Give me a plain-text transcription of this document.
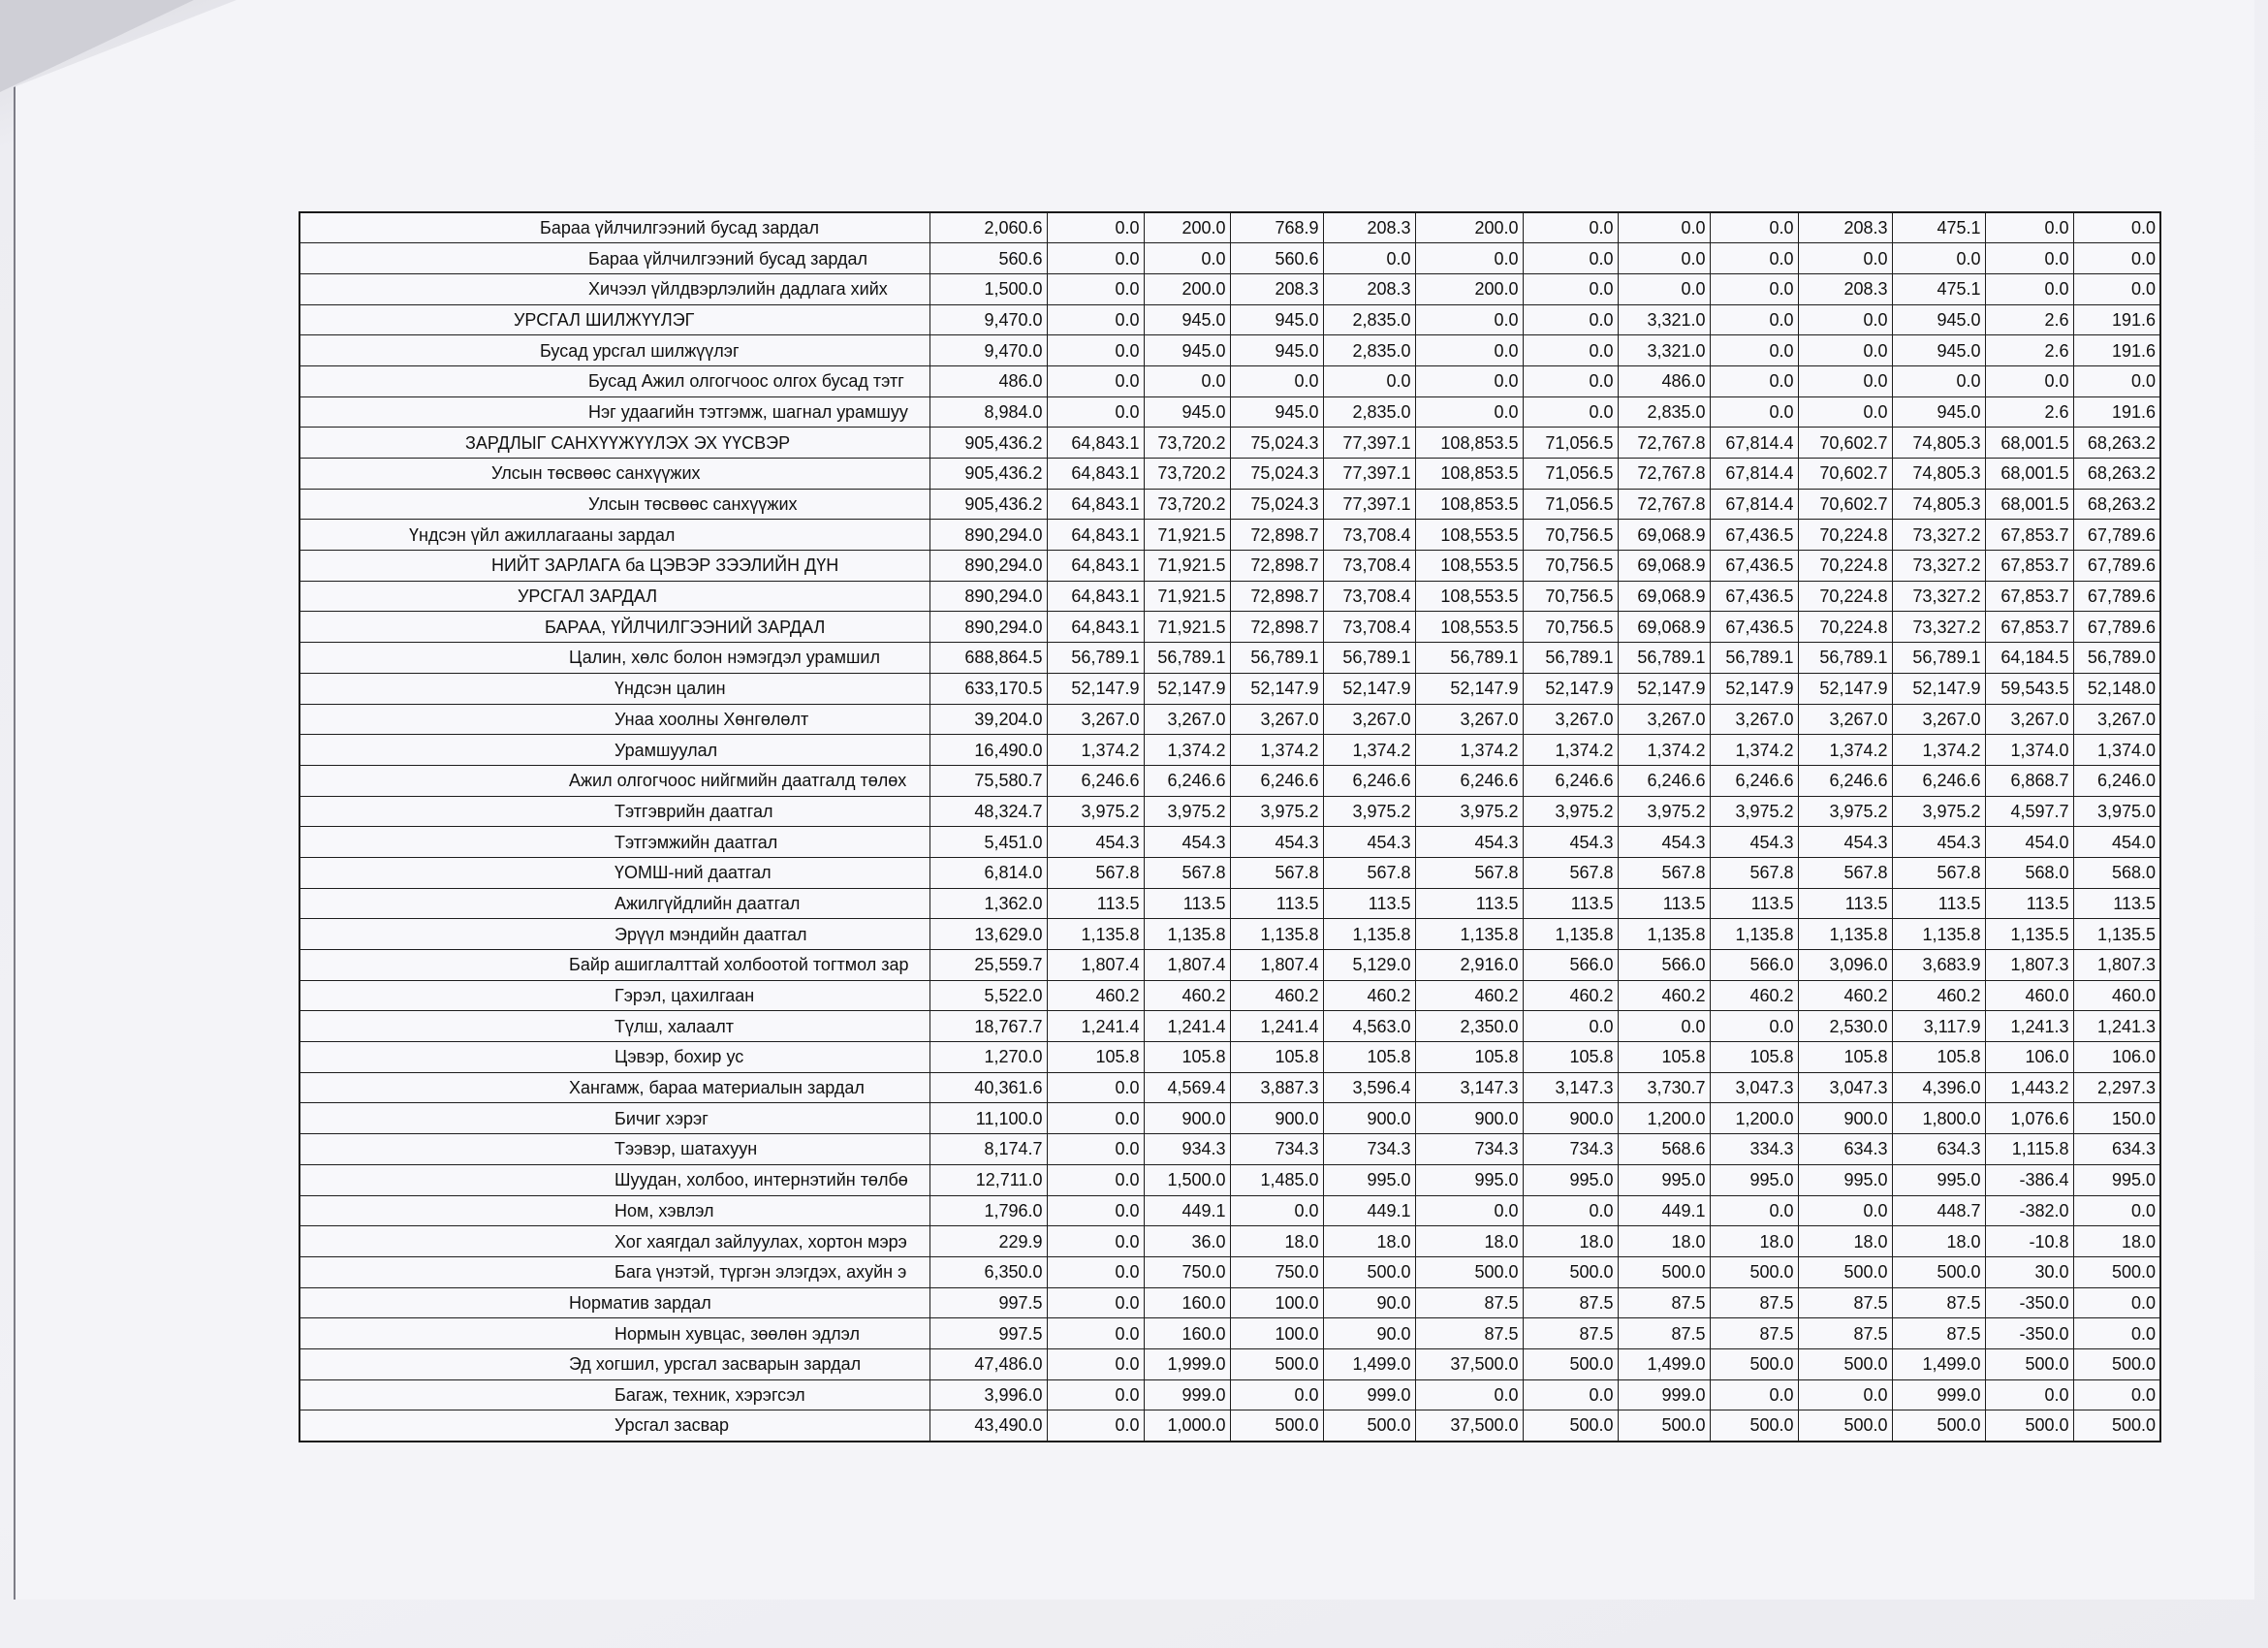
Бараа үйлчилгээний бусад зардал	2,060.6	0.0	200.0	768.9	208.3	200.0	0.0	0.0	0.0	208.3	475.1	0.0	0.0
Бараа үйлчилгээний бусад зардал	560.6	0.0	0.0	560.6	0.0	0.0	0.0	0.0	0.0	0.0	0.0	0.0	0.0
Хичээл үйлдвэрлэлийн дадлага хийх	1,500.0	0.0	200.0	208.3	208.3	200.0	0.0	0.0	0.0	208.3	475.1	0.0	0.0
УРСГАЛ ШИЛЖҮҮЛЭГ	9,470.0	0.0	945.0	945.0	2,835.0	0.0	0.0	3,321.0	0.0	0.0	945.0	2.6	191.6
Бусад урсгал шилжүүлэг	9,470.0	0.0	945.0	945.0	2,835.0	0.0	0.0	3,321.0	0.0	0.0	945.0	2.6	191.6
Бусад Ажил олгогчоос олгох бусад тэтг	486.0	0.0	0.0	0.0	0.0	0.0	0.0	486.0	0.0	0.0	0.0	0.0	0.0
Нэг удаагийн тэтгэмж, шагнал урамшуу	8,984.0	0.0	945.0	945.0	2,835.0	0.0	0.0	2,835.0	0.0	0.0	945.0	2.6	191.6
ЗАРДЛЫГ САНХҮҮЖҮҮЛЭХ ЭХ ҮҮСВЭР	905,436.2	64,843.1	73,720.2	75,024.3	77,397.1	108,853.5	71,056.5	72,767.8	67,814.4	70,602.7	74,805.3	68,001.5	68,263.2
Улсын төсвөөс санхүүжих	905,436.2	64,843.1	73,720.2	75,024.3	77,397.1	108,853.5	71,056.5	72,767.8	67,814.4	70,602.7	74,805.3	68,001.5	68,263.2
Улсын төсвөөс санхүүжих	905,436.2	64,843.1	73,720.2	75,024.3	77,397.1	108,853.5	71,056.5	72,767.8	67,814.4	70,602.7	74,805.3	68,001.5	68,263.2
Үндсэн үйл ажиллагааны зардал	890,294.0	64,843.1	71,921.5	72,898.7	73,708.4	108,553.5	70,756.5	69,068.9	67,436.5	70,224.8	73,327.2	67,853.7	67,789.6
НИЙТ ЗАРЛАГА ба ЦЭВЭР ЗЭЭЛИЙН ДҮН	890,294.0	64,843.1	71,921.5	72,898.7	73,708.4	108,553.5	70,756.5	69,068.9	67,436.5	70,224.8	73,327.2	67,853.7	67,789.6
УРСГАЛ ЗАРДАЛ	890,294.0	64,843.1	71,921.5	72,898.7	73,708.4	108,553.5	70,756.5	69,068.9	67,436.5	70,224.8	73,327.2	67,853.7	67,789.6
БАРАА, ҮЙЛЧИЛГЭЭНИЙ ЗАРДАЛ	890,294.0	64,843.1	71,921.5	72,898.7	73,708.4	108,553.5	70,756.5	69,068.9	67,436.5	70,224.8	73,327.2	67,853.7	67,789.6
Цалин, хөлс болон нэмэгдэл урамшил	688,864.5	56,789.1	56,789.1	56,789.1	56,789.1	56,789.1	56,789.1	56,789.1	56,789.1	56,789.1	56,789.1	64,184.5	56,789.0
Үндсэн цалин	633,170.5	52,147.9	52,147.9	52,147.9	52,147.9	52,147.9	52,147.9	52,147.9	52,147.9	52,147.9	52,147.9	59,543.5	52,148.0
Унаа хоолны Хөнгөлөлт	39,204.0	3,267.0	3,267.0	3,267.0	3,267.0	3,267.0	3,267.0	3,267.0	3,267.0	3,267.0	3,267.0	3,267.0	3,267.0
Урамшуулал	16,490.0	1,374.2	1,374.2	1,374.2	1,374.2	1,374.2	1,374.2	1,374.2	1,374.2	1,374.2	1,374.2	1,374.0	1,374.0
Ажил олгогчоос нийгмийн даатгалд төлөх	75,580.7	6,246.6	6,246.6	6,246.6	6,246.6	6,246.6	6,246.6	6,246.6	6,246.6	6,246.6	6,246.6	6,868.7	6,246.0
Тэтгэврийн даатгал	48,324.7	3,975.2	3,975.2	3,975.2	3,975.2	3,975.2	3,975.2	3,975.2	3,975.2	3,975.2	3,975.2	4,597.7	3,975.0
Тэтгэмжийн даатгал	5,451.0	454.3	454.3	454.3	454.3	454.3	454.3	454.3	454.3	454.3	454.3	454.0	454.0
ҮОМШ-ний даатгал	6,814.0	567.8	567.8	567.8	567.8	567.8	567.8	567.8	567.8	567.8	567.8	568.0	568.0
Ажилгүйдлийн даатгал	1,362.0	113.5	113.5	113.5	113.5	113.5	113.5	113.5	113.5	113.5	113.5	113.5	113.5
Эрүүл мэндийн даатгал	13,629.0	1,135.8	1,135.8	1,135.8	1,135.8	1,135.8	1,135.8	1,135.8	1,135.8	1,135.8	1,135.8	1,135.5	1,135.5
Байр ашиглалттай холбоотой тогтмол зар	25,559.7	1,807.4	1,807.4	1,807.4	5,129.0	2,916.0	566.0	566.0	566.0	3,096.0	3,683.9	1,807.3	1,807.3
Гэрэл, цахилгаан	5,522.0	460.2	460.2	460.2	460.2	460.2	460.2	460.2	460.2	460.2	460.2	460.0	460.0
Түлш, халаалт	18,767.7	1,241.4	1,241.4	1,241.4	4,563.0	2,350.0	0.0	0.0	0.0	2,530.0	3,117.9	1,241.3	1,241.3
Цэвэр, бохир ус	1,270.0	105.8	105.8	105.8	105.8	105.8	105.8	105.8	105.8	105.8	105.8	106.0	106.0
Хангамж, бараа материалын зардал	40,361.6	0.0	4,569.4	3,887.3	3,596.4	3,147.3	3,147.3	3,730.7	3,047.3	3,047.3	4,396.0	1,443.2	2,297.3
Бичиг хэрэг	11,100.0	0.0	900.0	900.0	900.0	900.0	900.0	1,200.0	1,200.0	900.0	1,800.0	1,076.6	150.0
Тээвэр, шатахуун	8,174.7	0.0	934.3	734.3	734.3	734.3	734.3	568.6	334.3	634.3	634.3	1,115.8	634.3
Шуудан, холбоо, интернэтийн төлбө	12,711.0	0.0	1,500.0	1,485.0	995.0	995.0	995.0	995.0	995.0	995.0	995.0	-386.4	995.0
Ном, хэвлэл	1,796.0	0.0	449.1	0.0	449.1	0.0	0.0	449.1	0.0	0.0	448.7	-382.0	0.0
Хог хаягдал зайлуулах, хортон мэрэ	229.9	0.0	36.0	18.0	18.0	18.0	18.0	18.0	18.0	18.0	18.0	-10.8	18.0
Бага үнэтэй, түргэн элэгдэх, ахуйн э	6,350.0	0.0	750.0	750.0	500.0	500.0	500.0	500.0	500.0	500.0	500.0	30.0	500.0
Норматив зардал	997.5	0.0	160.0	100.0	90.0	87.5	87.5	87.5	87.5	87.5	87.5	-350.0	0.0
Нормын хувцас, зөөлөн эдлэл	997.5	0.0	160.0	100.0	90.0	87.5	87.5	87.5	87.5	87.5	87.5	-350.0	0.0
Эд хогшил, урсгал засварын зардал	47,486.0	0.0	1,999.0	500.0	1,499.0	37,500.0	500.0	1,499.0	500.0	500.0	1,499.0	500.0	500.0
Багаж, техник, хэрэгсэл	3,996.0	0.0	999.0	0.0	999.0	0.0	0.0	999.0	0.0	0.0	999.0	0.0	0.0
Урсгал засвар	43,490.0	0.0	1,000.0	500.0	500.0	37,500.0	500.0	500.0	500.0	500.0	500.0	500.0	500.0
